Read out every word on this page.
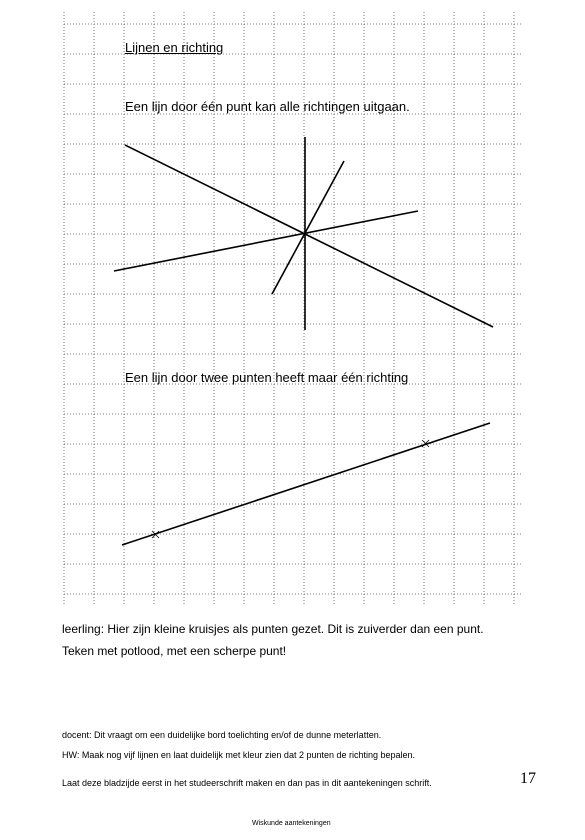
Lijnen en richting
Een lijn door één punt kan alle richtingen uitgaan.
Een lijn door twee punten heeft maar één richting
leerling: Hier zijn kleine kruisjes als punten gezet. Dit is zuiverder dan een punt.
Teken met potlood, met een scherpe punt!
docent: Dit vraagt om een duidelijke bord toelichting en/of de dunne meterlatten.
HW: Maak nog vijf lijnen en laat duidelijk met kleur zien dat 2 punten de richting bepalen.
Laat deze bladzijde eerst in het studeerschrift maken en dan pas in dit aantekeningen schrift.	17
Wiskunde aantekeningen
